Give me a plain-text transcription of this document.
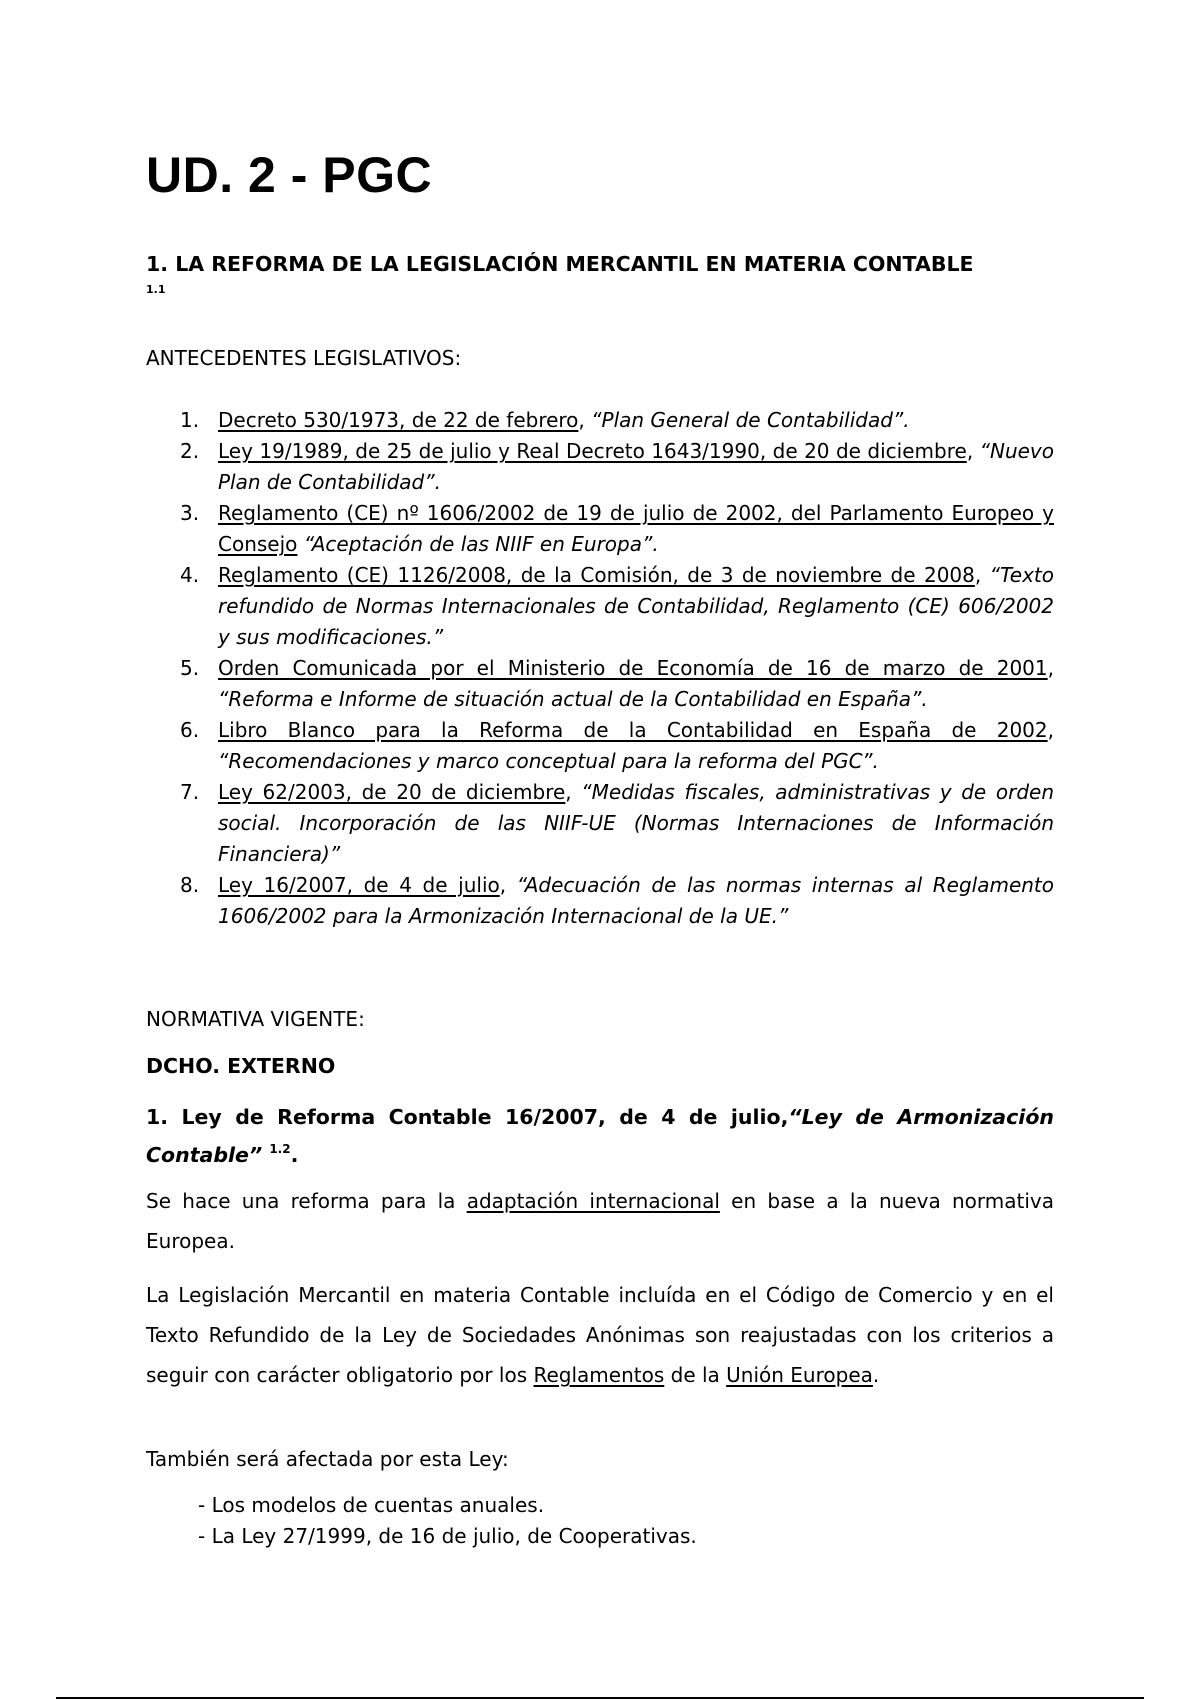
UD. 2 - PGC
1. LA REFORMA DE LA LEGISLACIÓN MERCANTIL EN MATERIA CONTABLE
1.1

ANTECEDENTES LEGISLATIVOS:

1. Decreto 530/1973, de 22 de febrero, “Plan General de Contabilidad”.
2. Ley 19/1989, de 25 de julio y Real Decreto 1643/1990, de 20 de diciembre, “Nuevo Plan de Contabilidad”.
3. Reglamento (CE) nº 1606/2002 de 19 de julio de 2002, del Parlamento Europeo y Consejo “Aceptación de las NIIF en Europa”.
4. Reglamento (CE) 1126/2008, de la Comisión, de 3 de noviembre de 2008, “Texto refundido de Normas Internacionales de Contabilidad, Reglamento (CE) 606/2002 y sus modificaciones.”
5. Orden Comunicada por el Ministerio de Economía de 16 de marzo de 2001, “Reforma e Informe de situación actual de la Contabilidad en España”.
6. Libro Blanco para la Reforma de la Contabilidad en España de 2002, “Recomendaciones y marco conceptual para la reforma del PGC”.
7. Ley 62/2003, de 20 de diciembre, “Medidas fiscales, administrativas y de orden social. Incorporación de las NIIF-UE (Normas Internaciones de Información Financiera)”
8. Ley 16/2007, de 4 de julio, “Adecuación de las normas internas al Reglamento 1606/2002 para la Armonización Internacional de la UE.”

NORMATIVA VIGENTE:

DCHO. EXTERNO
1. Ley de Reforma Contable 16/2007, de 4 de julio,“Ley de Armonización Contable” $^{1.2}$.

Se hace una reforma para la adaptación internacional en base a la nueva normativa Europea.

La Legislación Mercantil en materia Contable incluída en el Código de Comercio y en el Texto Refundido de la Ley de Sociedades Anónimas son reajustadas con los criterios a seguir con carácter obligatorio por los Reglamentos de la Unión Europea.

También será afectada por esta Ley:

- Los modelos de cuentas anuales.
- La Ley 27/1999, de 16 de julio, de Cooperativas.
